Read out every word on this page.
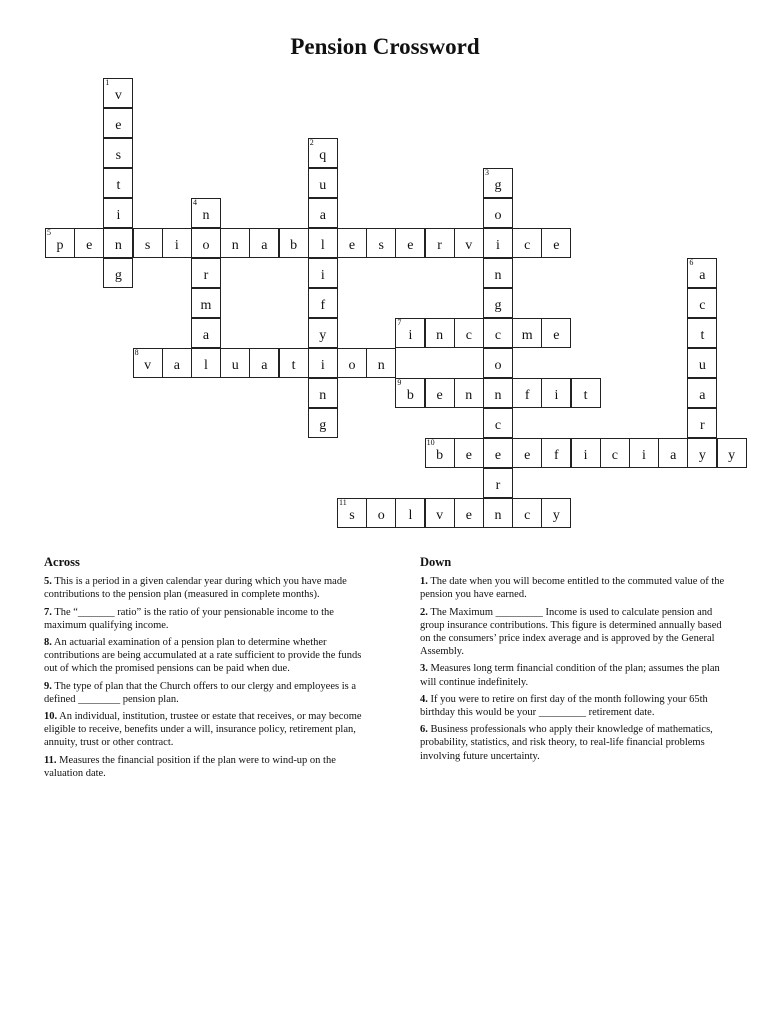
Pension Crossword
1
v
e
s
t
i
n
g
2
q
u
a
l
i
f
y
i
n
g
3
g
o
i
n
g
c
o
n
c
e
r
n
4
n
o
r
m
a
l
5
p	e	s	i	n	a	b	e	s	e	r	v	c	e
6
a
c
t
u
a
r
y
7
i	n	c	m	e
8
v	a	u	a	t	o	n
9
b	e	n	f	i	t
10
b	e	e	f	i	c	i	a	y
11
s	o	l	v	e	c	y
Across

5. This is a period in a given calendar year during which you have made contributions to the pension plan (measured in complete months).

7. The “_______ ratio” is the ratio of your pensionable income to the maximum qualifying income.

8. An actuarial examination of a pension plan to determine whether contributions are being accumulated at a rate sufficient to provide the funds out of which the promised pensions can be paid when due.

9. The type of plan that the Church offers to our clergy and employees is a defined ________ pension plan.

10. An individual, institution, trustee or estate that receives, or may become eligible to receive, benefits under a will, insurance policy, retirement plan, annuity, trust or other contract.

11. Measures the financial position if the plan were to wind-up on the valuation date.

Down

1. The date when you will become entitled to the commuted value of the pension you have earned.

2. The Maximum _________ Income is used to calculate pension and group insurance contributions. This figure is determined annually based on the consumers’ price index average and is approved by the General Assembly.

3. Measures long term financial condition of the plan; assumes the plan will continue indefinitely.

4. If you were to retire on first day of the month following your 65th birthday this would be your _________ retirement date.

6. Business professionals who apply their knowledge of mathematics, probability, statistics, and risk theory, to real-life financial problems involving future uncertainty.
